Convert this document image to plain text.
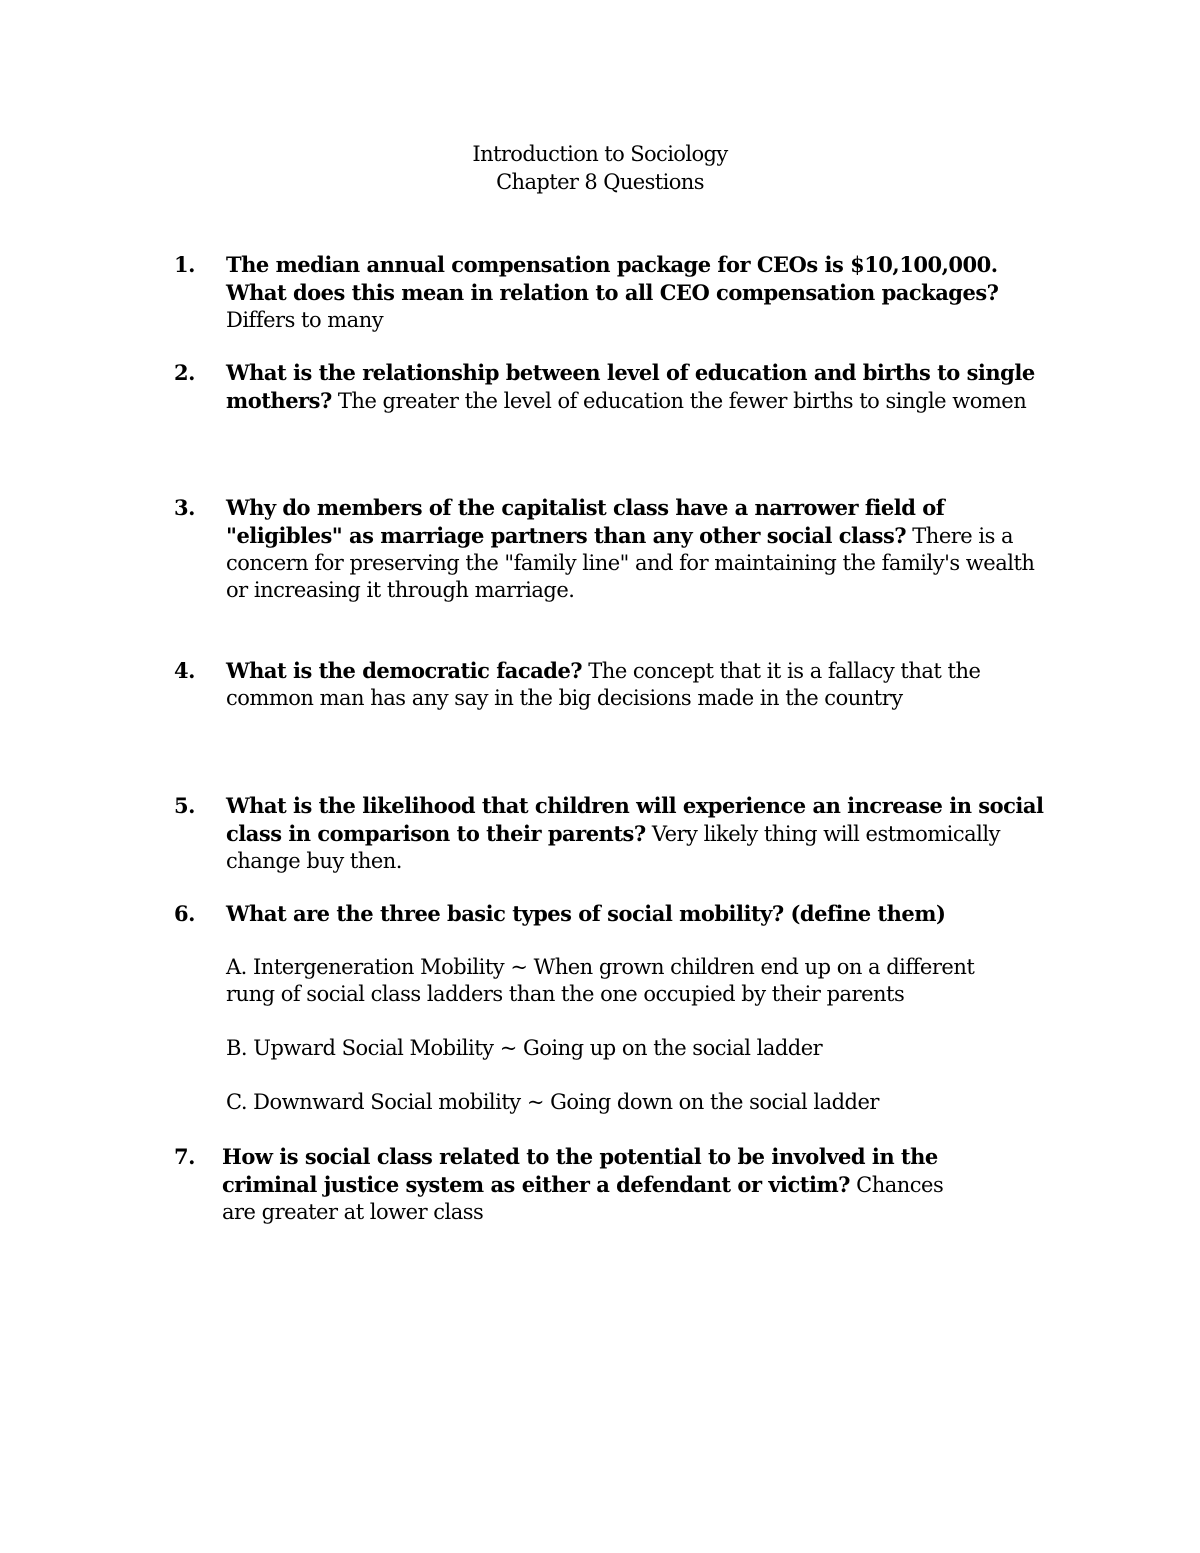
Introduction to Sociology
Chapter 8 Questions
1. The median annual compensation package for CEOs is $10,100,000. What does this mean in relation to all CEO compensation packages? Differs to many
2. What is the relationship between level of education and births to single mothers? The greater the level of education the fewer births to single women
3. Why do members of the capitalist class have a narrower field of "eligibles" as marriage partners than any other social class? There is a concern for preserving the "family line" and for maintaining the family's wealth or increasing it through marriage.
4. What is the democratic facade? The concept that it is a fallacy that the common man has any say in the big decisions made in the country
5. What is the likelihood that children will experience an increase in social class in comparison to their parents? Very likely thing will estmomically change buy then.
6. What are the three basic types of social mobility? (define them)
A. Intergeneration Mobility ~ When grown children end up on a different rung of social class ladders than the one occupied by their parents
B. Upward Social Mobility ~ Going up on the social ladder
C. Downward Social mobility ~ Going down on the social ladder
7. How is social class related to the potential to be involved in the criminal justice system as either a defendant or victim? Chances are greater at lower class
